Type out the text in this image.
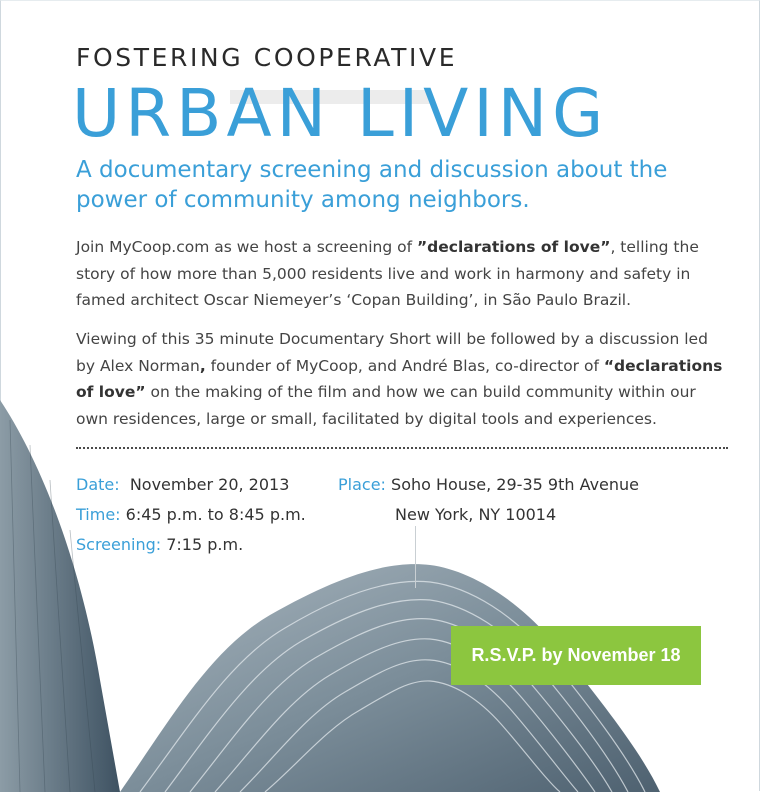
FOSTERING COOPERATIVE
URBAN LIVING
A documentary screening and discussion about the power of community among neighbors.
Join MyCoop.com as we host a screening of ”declarations of love”, telling the story of how more than 5,000 residents live and work in harmony and safety in famed architect Oscar Niemeyer’s ‘Copan Building’, in São Paulo Brazil.
Viewing of this 35 minute Documentary Short will be followed by a discussion led by Alex Norman, founder of MyCoop, and André Blas, co-director of “declarations of love” on the making of the film and how we can build community within our own residences, large or small, facilitated by digital tools and experiences.
Date: November 20, 2013
Time: 6:45 p.m. to 8:45 p.m.
Screening: 7:15 p.m.
Place: Soho House, 29-35 9th Avenue
New York, NY 10014
R.S.V.P. by November 18
